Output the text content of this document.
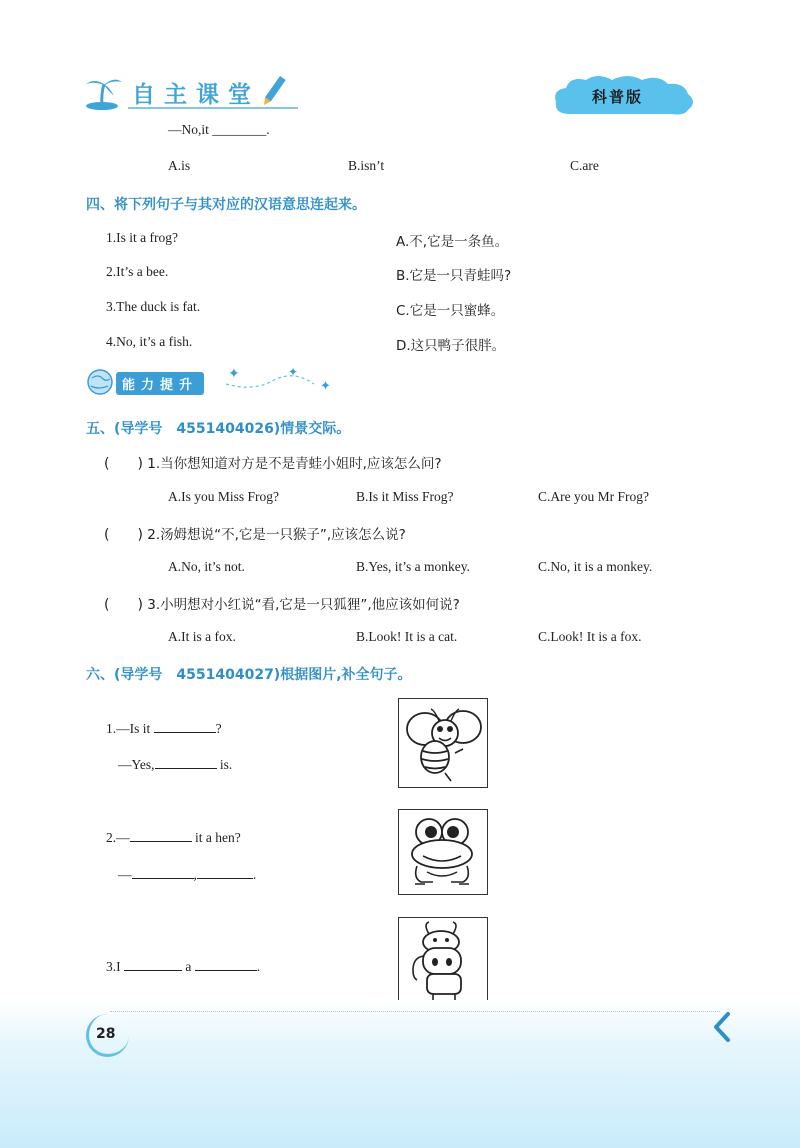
自主课堂	科普版
—No,it ________.
A.is	B.isn’t	C.are
四、将下列句子与其对应的汉语意思连起来。
1.Is it a frog?
2.It’s a bee.
3.The duck is fat.
4.No, it’s a fish.
A.不,它是一条鱼。
B.它是一只青蛙吗?
C.它是一只蜜蜂。
D.这只鸭子很胖。
能力提升
✦	✦
✦
五、(导学号　4551404026)情景交际。
(　　) 1.当你想知道对方是不是青蛙小姐时,应该怎么问?
A.Is you Miss Frog?	B.Is it Miss Frog?	C.Are you Mr Frog?
(　　) 2.汤姆想说“不,它是一只猴子”,应该怎么说?
A.No, it’s not.	B.Yes, it’s a monkey.	C.No, it is a monkey.
(　　) 3.小明想对小红说“看,它是一只狐狸”,他应该如何说?
A.It is a fox.	B.Look! It is a cat.	C.Look! It is a fox.
六、(导学号　4551404027)根据图片,补全句子。
1.—Is it	?
—Yes,	is.
2.—	it a hen?
—	,	.
3.I	a	.
28
